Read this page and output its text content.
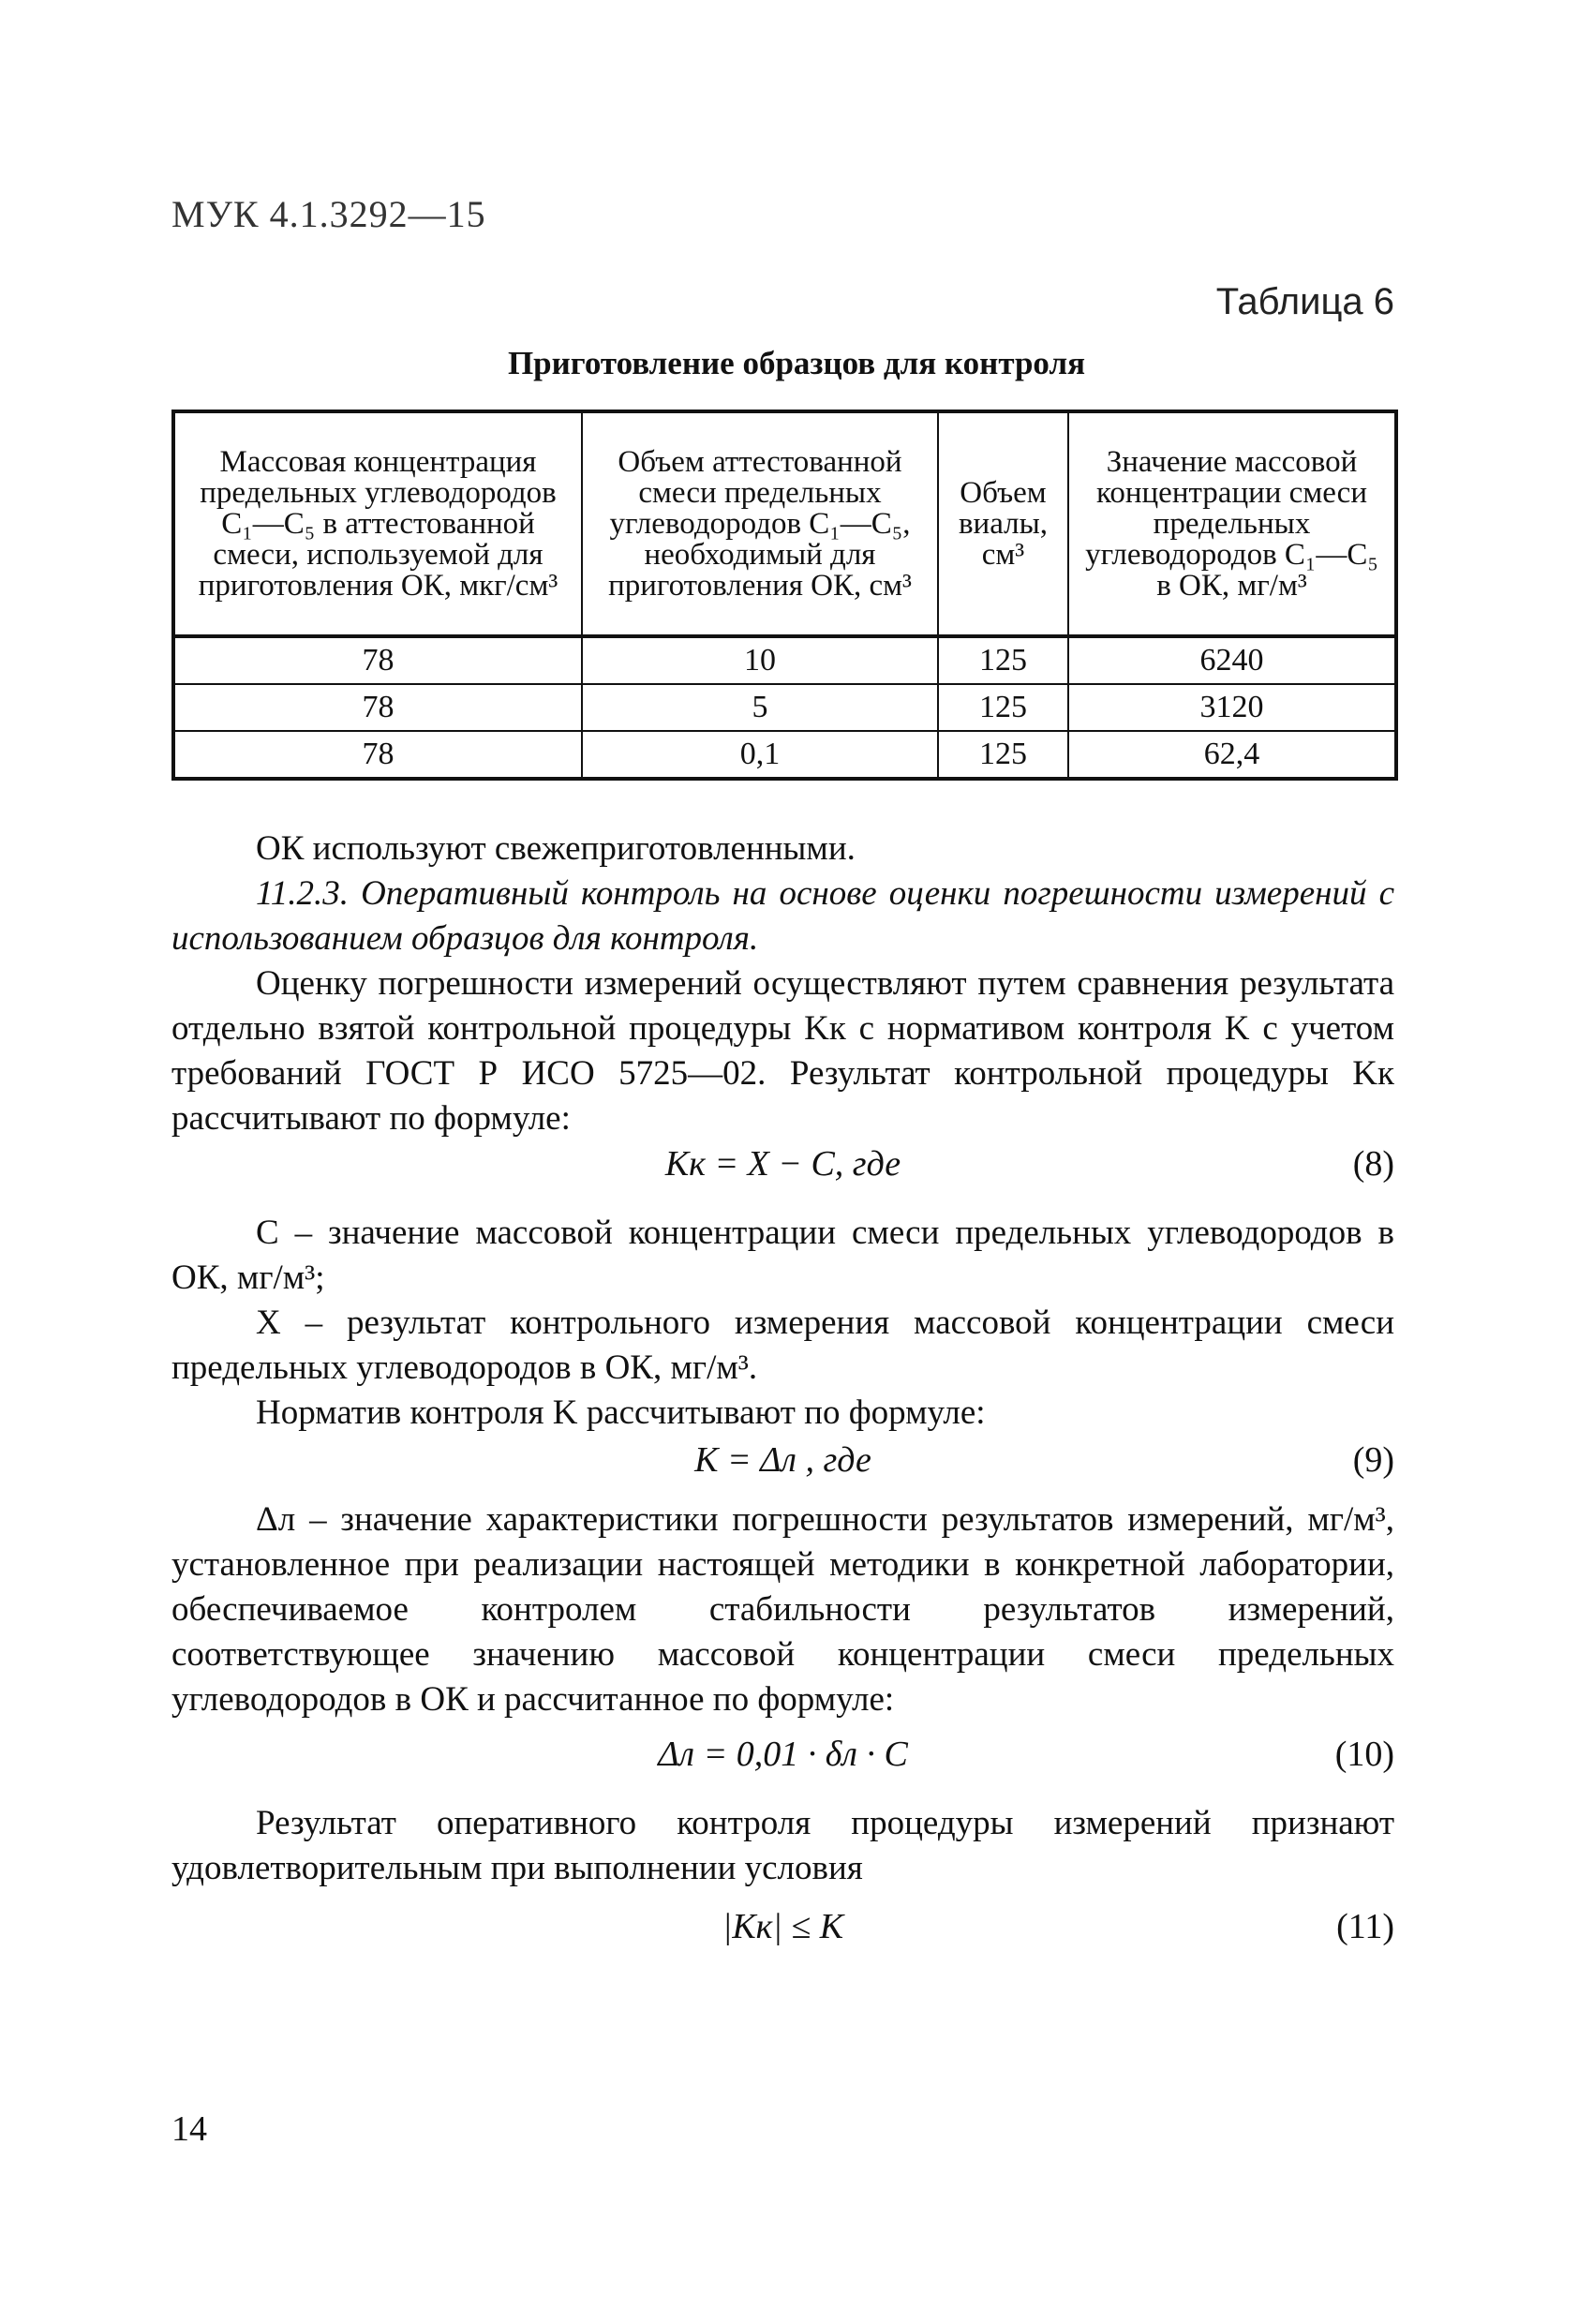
МУК 4.1.3292—15
Таблица 6
Приготовление образцов для контроля
Массовая концентрация предельных углеводородов C₁—C₅ в аттестованной смеси, используемой для приготовления ОК, мкг/см³	Объем аттестованной смеси предельных углеводородов C₁—C₅, необходимый для приготовления ОК, см³	Объем виалы, см³	Значение массовой концентрации смеси предельных углеводородов C₁—C₅ в ОК, мг/м³
78	10	125	6240
78	5	125	3120
78	0,1	125	62,4
ОК используют свежеприготовленными.
11.2.3. Оперативный контроль на основе оценки погрешности измерений с использованием образцов для контроля.
Оценку погрешности измерений осуществляют путем сравнения результата отдельно взятой контрольной процедуры Kк с нормативом контроля K с учетом требований ГОСТ Р ИСО 5725—02. Результат контрольной процедуры Kк рассчитывают по формуле:
Kк = X − C, где	(8)
C – значение массовой концентрации смеси предельных углеводородов в ОК, мг/м³;
X – результат контрольного измерения массовой концентрации смеси предельных углеводородов в ОК, мг/м³.
Норматив контроля K рассчитывают по формуле:
K = Δл , где	(9)
Δл – значение характеристики погрешности результатов измерений, мг/м³, установленное при реализации настоящей методики в конкретной лаборатории, обеспечиваемое контролем стабильности результатов измерений, соответствующее значению массовой концентрации смеси предельных углеводородов в ОК и рассчитанное по формуле:
Δл = 0,01 · δл · C	(10)
Результат оперативного контроля процедуры измерений признают удовлетворительным при выполнении условия
|Kк| ≤ K	(11)
14
